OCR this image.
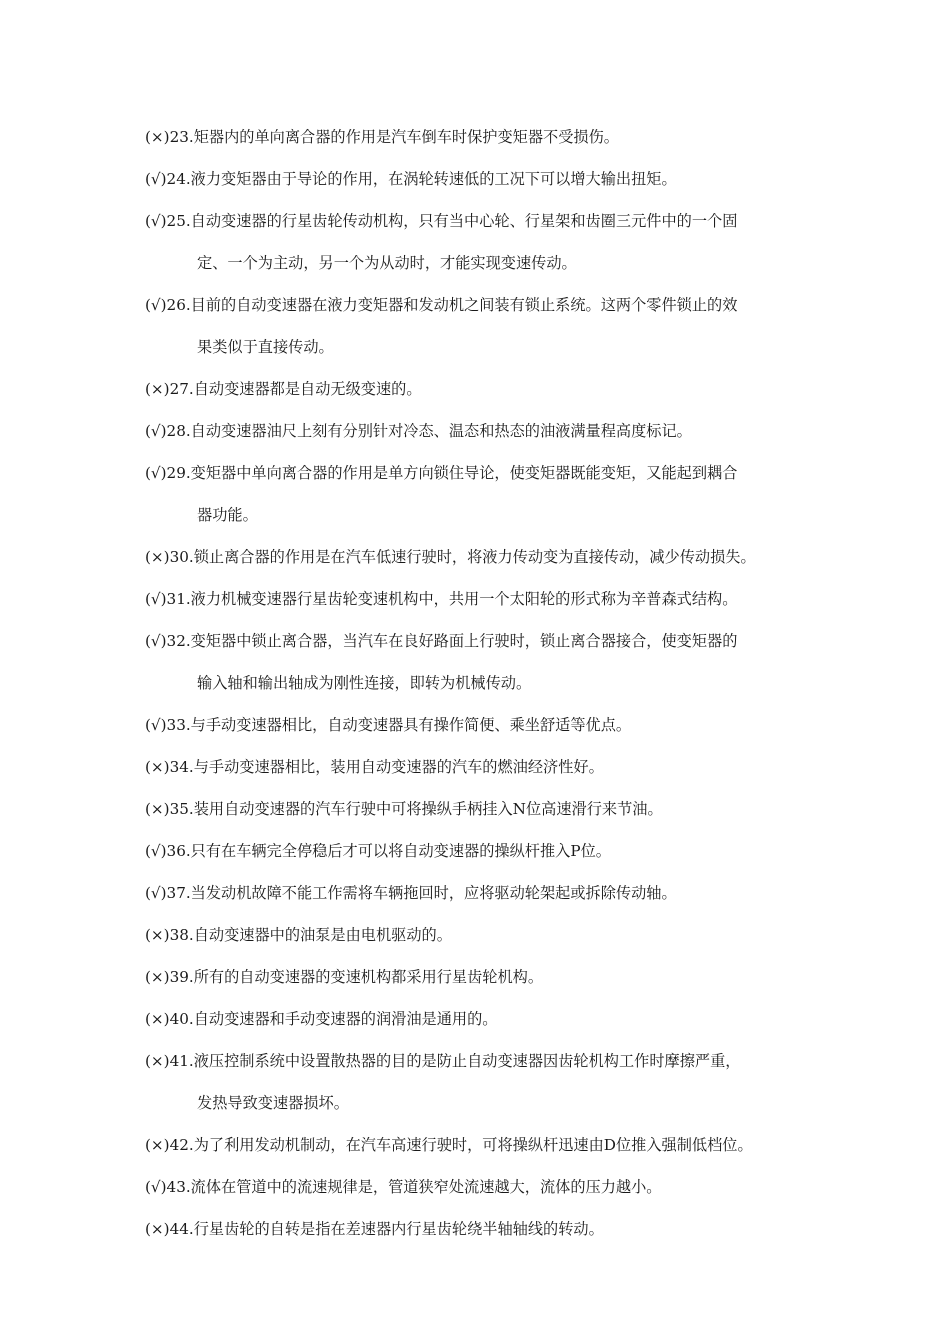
(×)23.矩器内的单向离合器的作用是汽车倒车时保护变矩器不受损伤。
(√)24.液力变矩器由于导论的作用，在涡轮转速低的工况下可以增大输出扭矩。
(√)25.自动变速器的行星齿轮传动机构，只有当中心轮、行星架和齿圈三元件中的一个固
定、一个为主动，另一个为从动时，才能实现变速传动。
(√)26.目前的自动变速器在液力变矩器和发动机之间装有锁止系统。这两个零件锁止的效
果类似于直接传动。
(×)27.自动变速器都是自动无级变速的。
(√)28.自动变速器油尺上刻有分别针对冷态、温态和热态的油液满量程高度标记。
(√)29.变矩器中单向离合器的作用是单方向锁住导论，使变矩器既能变矩，又能起到耦合
器功能。
(×)30.锁止离合器的作用是在汽车低速行驶时，将液力传动变为直接传动，减少传动损失。
(√)31.液力机械变速器行星齿轮变速机构中，共用一个太阳轮的形式称为辛普森式结构。
(√)32.变矩器中锁止离合器，当汽车在良好路面上行驶时，锁止离合器接合，使变矩器的
输入轴和输出轴成为刚性连接，即转为机械传动。
(√)33.与手动变速器相比，自动变速器具有操作简便、乘坐舒适等优点。
(×)34.与手动变速器相比，装用自动变速器的汽车的燃油经济性好。
(×)35.装用自动变速器的汽车行驶中可将操纵手柄挂入N位高速滑行来节油。
(√)36.只有在车辆完全停稳后才可以将自动变速器的操纵杆推入P位。
(√)37.当发动机故障不能工作需将车辆拖回时，应将驱动轮架起或拆除传动轴。
(×)38.自动变速器中的油泵是由电机驱动的。
(×)39.所有的自动变速器的变速机构都采用行星齿轮机构。
(×)40.自动变速器和手动变速器的润滑油是通用的。
(×)41.液压控制系统中设置散热器的目的是防止自动变速器因齿轮机构工作时摩擦严重，
发热导致变速器损坏。
(×)42.为了利用发动机制动，在汽车高速行驶时，可将操纵杆迅速由D位推入强制低档位。
(√)43.流体在管道中的流速规律是，管道狭窄处流速越大，流体的压力越小。
(×)44.行星齿轮的自转是指在差速器内行星齿轮绕半轴轴线的转动。
